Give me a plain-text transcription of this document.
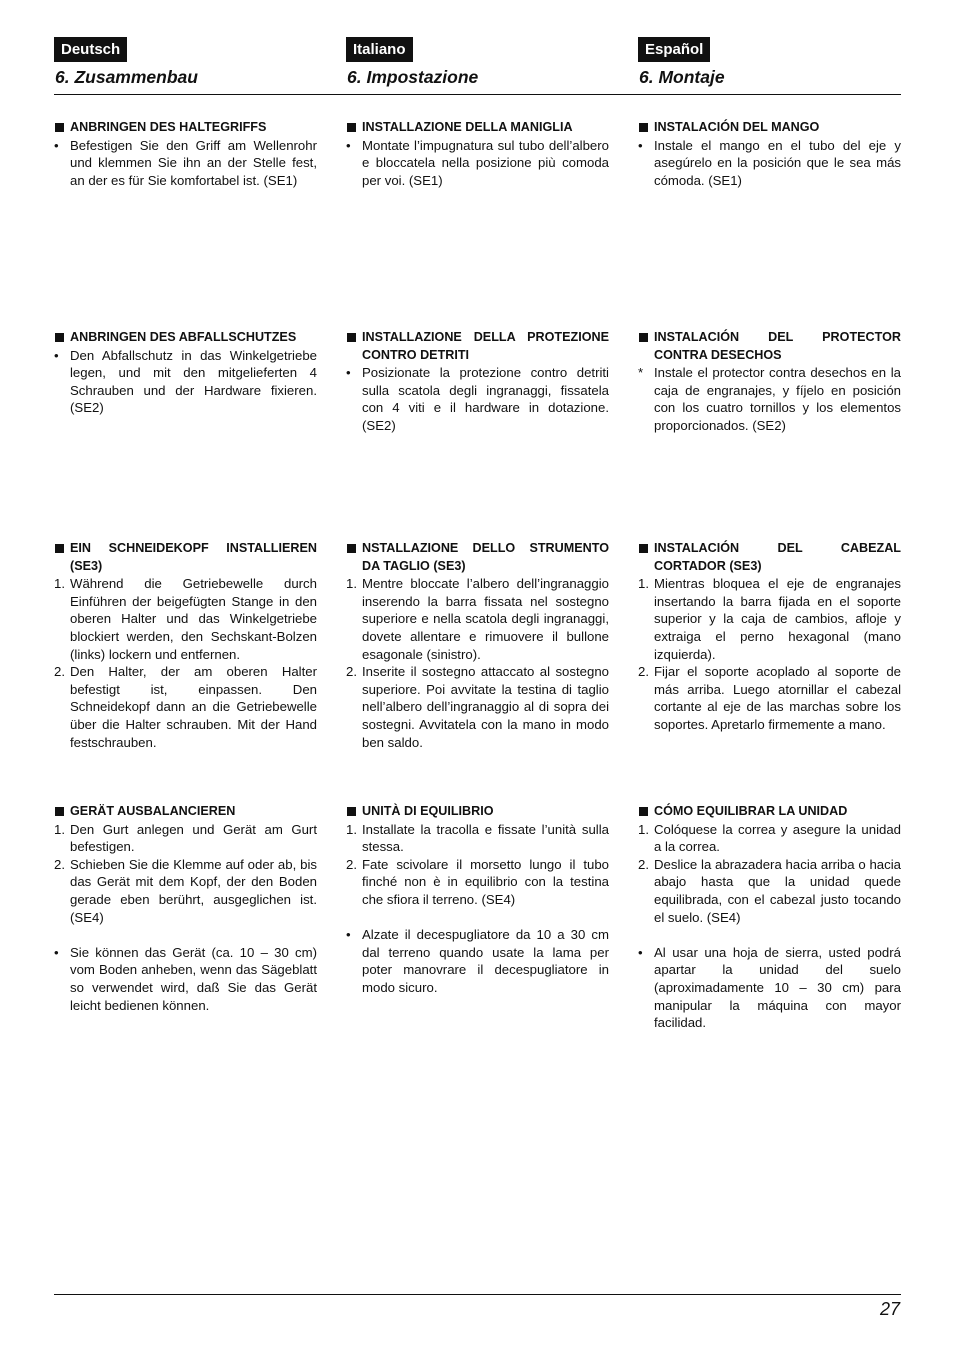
Deutsch
6. Zusammenbau
ANBRINGEN DES HALTEGRIFFS
• Befestigen Sie den Griff am Wellenrohr und klemmen Sie ihn an der Stelle fest, an der es für Sie komfortabel ist. (SE1)
ANBRINGEN DES ABFALLSCHUTZES
• Den Abfallschutz in das Winkelgetriebe legen, und mit den mitgelieferten 4 Schrauben und der Hardware fixieren. (SE2)
EIN SCHNEIDEKOPF INSTALLIEREN (SE3)
1. Während die Getriebewelle durch Einführen der beigefügten Stange in den oberen Halter und das Winkelgetriebe blockiert werden, den Sechskant-Bolzen (links) lockern und entfernen.
2. Den Halter, der am oberen Halter befestigt ist, einpassen. Den Schneidekopf dann an die Getriebewelle über die Halter schrauben. Mit der Hand festschrauben.
GERÄT AUSBALANCIEREN
1. Den Gurt anlegen und Gerät am Gurt befestigen.
2. Schieben Sie die Klemme auf oder ab, bis das Gerät mit dem Kopf, der den Boden gerade eben berührt, ausgeglichen ist. (SE4)
• Sie können das Gerät (ca. 10 – 30 cm) vom Boden anheben, wenn das Sägeblatt so verwendet wird, daß Sie das Gerät leicht bedienen können.
Italiano
6. Impostazione
INSTALLAZIONE DELLA MANIGLIA
• Montate l’impugnatura sul tubo dell’albero e bloccatela nella posizione più comoda per voi. (SE1)
INSTALLAZIONE DELLA PROTEZIONE CONTRO DETRITI
• Posizionate la protezione contro detriti sulla scatola degli ingranaggi, fissatela con 4 viti e il hardware in dotazione. (SE2)
NSTALLAZIONE DELLO STRUMENTO DA TAGLIO (SE3)
1. Mentre bloccate l’albero dell’ingranaggio inserendo la barra fissata nel sostegno superiore e nella scatola degli ingranaggi, dovete allentare e rimuovere il bullone esagonale (sinistro).
2. Inserite il sostegno attaccato al sostegno superiore. Poi avvitate la testina di taglio nell’albero dell’ingranaggio al di sopra dei sostegni. Avvitatela con la mano in modo ben saldo.
UNITÀ DI EQUILIBRIO
1. Installate la tracolla e fissate l’unità sulla stessa.
2. Fate scivolare il morsetto lungo il tubo finché non è in equilibrio con la testina che sfiora il terreno. (SE4)
• Alzate il decespugliatore da 10 a 30 cm dal terreno quando usate la lama per poter manovrare il decespugliatore in modo sicuro.
Español
6. Montaje
INSTALACIÓN DEL MANGO
• Instale el mango en el tubo del eje y asegúrelo en la posición que le sea más cómoda. (SE1)
INSTALACIÓN DEL PROTECTOR CONTRA DESECHOS
* Instale el protector contra desechos en la caja de engranajes, y fíjelo en posición con los cuatro tornillos y los elementos proporcionados. (SE2)
INSTALACIÓN DEL CABEZAL CORTADOR (SE3)
1. Mientras bloquea el eje de engranajes insertando la barra fijada en el soporte superior y la caja de cambios, afloje y extraiga el perno hexagonal (mano izquierda).
2. Fijar el soporte acoplado al soporte de más arriba. Luego atornillar el cabezal cortante al eje de las marchas sobre los soportes. Apretarlo firmemente a mano.
CÓMO EQUILIBRAR LA UNIDAD
1. Colóquese la correa y asegure la unidad a la correa.
2. Deslice la abrazadera hacia arriba o hacia abajo hasta que la unidad quede equilibrada, con el cabezal justo tocando el suelo. (SE4)
• Al usar una hoja de sierra, usted podrá apartar la unidad del suelo (aproximadamente 10 – 30 cm) para manipular la máquina con mayor facilidad.
27
